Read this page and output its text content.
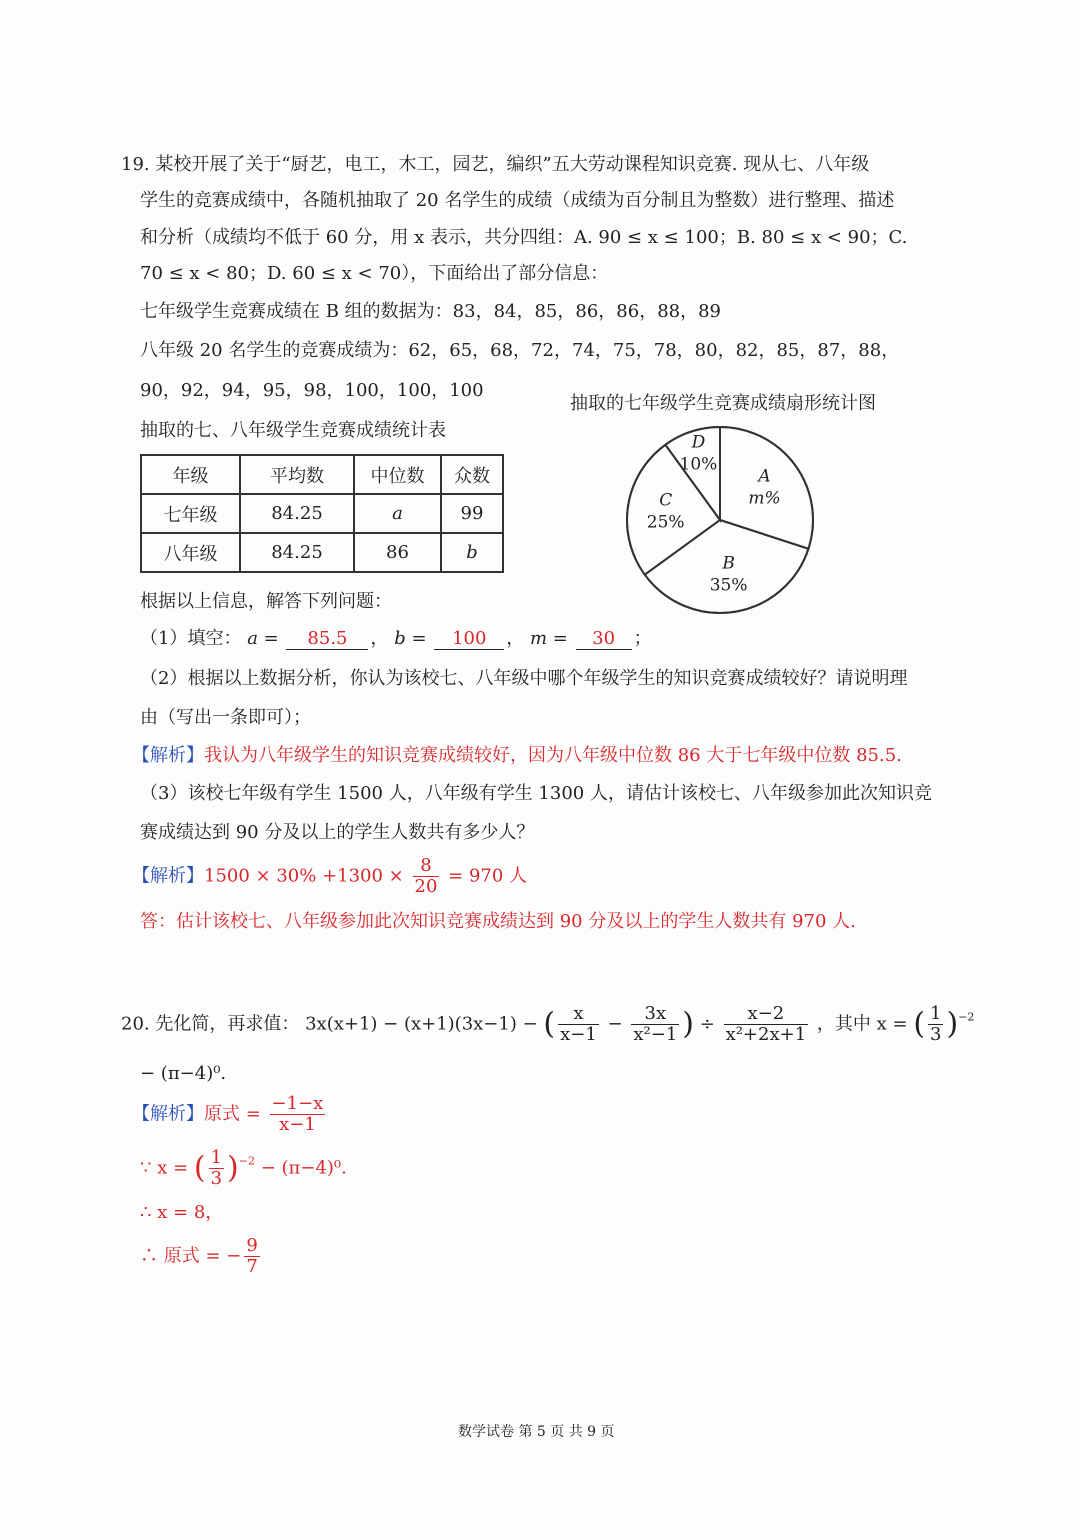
19. 某校开展了关于“厨艺，电工，木工，园艺，编织”五大劳动课程知识竞赛. 现从七、八年级
学生的竞赛成绩中，各随机抽取了 20 名学生的成绩（成绩为百分制且为整数）进行整理、描述
和分析（成绩均不低于 60 分，用 x 表示，共分四组：A. 90 ≤ x ≤ 100；B. 80 ≤ x < 90；C.
70 ≤ x < 80；D. 60 ≤ x < 70），下面给出了部分信息：
七年级学生竞赛成绩在 B 组的数据为：83，84，85，86，86，88，89
八年级 20 名学生的竞赛成绩为：62，65，68，72，74，75，78，80，82，85，87，88，
90，92，94，95，98，100，100，100
抽取的七、八年级学生竞赛成绩统计表
年级	平均数	中位数	众数
七年级	84.25	a	99
八年级	84.25	86	b
抽取的七年级学生竞赛成绩扇形统计图
A
m%
B
35%
C
25%
D
10%
根据以上信息，解答下列问题：
（1）填空： a = 85.5 ， b = 100 ， m = 30 ；
（2）根据以上数据分析，你认为该校七、八年级中哪个年级学生的知识竞赛成绩较好？请说明理
由（写出一条即可）；
【解析】我认为八年级学生的知识竞赛成绩较好，因为八年级中位数 86 大于七年级中位数 85.5.
（3）该校七年级有学生 1500 人，八年级有学生 1300 人，请估计该校七、八年级参加此次知识竞
赛成绩达到 90 分及以上的学生人数共有多少人？
【解析】$1500 \times 30\% +1300 \times \frac{8}{20} = 970$ 人
答：估计该校七、八年级参加此次知识竞赛成绩达到 90 分及以上的学生人数共有 970 人.
20. 先化简，再求值： 3x(x+1) − (x+1)(3x−1) − ( $\frac{x}{x-1} - \frac{3x}{\text{x²−1}}$ ) ÷ $\frac{x-2}{\text{x²+2x+1}}$ ，其中 x = ( $\frac{1}{3} )^{-2}$
− (π−4)⁰.
【解析】原式 = $\frac{-1-x}{x-1}$
∵ x = ( $\frac{1}{3} )^{-2} - (\pi-4)^0$.
∴ x = 8，
∴ 原式 = − $\frac{9}{7}$
数学试卷 第 5 页 共 9 页
